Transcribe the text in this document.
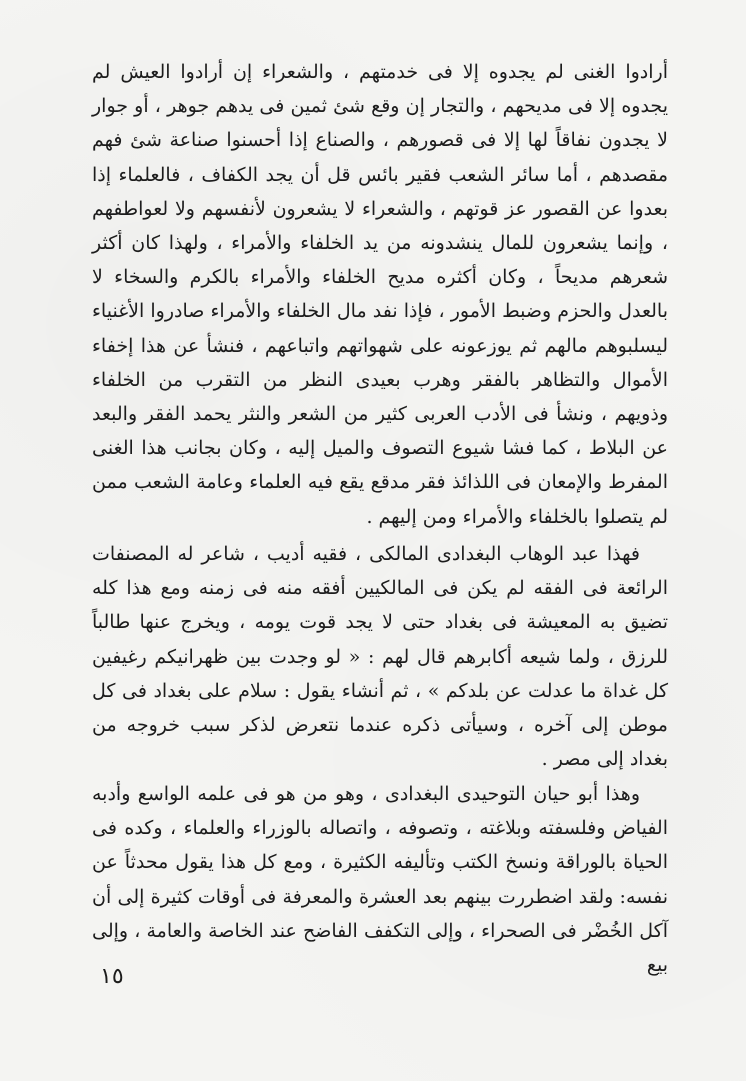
أرادوا الغنى لم يجدوه إلا فى خدمتهم ، والشعراء إن أرادوا العيش لم يجدوه إلا فى مديحهم ، والتجار إن وقع شئ ثمين فى يدهم جوهر ، أو جوار لا يجدون نفاقاً لها إلا فى قصورهم ، والصناع إذا أحسنوا صناعة شئ فهم مقصدهم ، أما سائر الشعب فقير بائس قل أن يجد الكفاف ، فالعلماء إذا بعدوا عن القصور عز قوتهم ، والشعراء لا يشعرون لأنفسهم ولا لعواطفهم ، وإنما يشعرون للمال ينشدونه من يد الخلفاء والأمراء ، ولهذا كان أكثر شعرهم مديحاً ، وكان أكثره مديح الخلفاء والأمراء بالكرم والسخاء لا بالعدل والحزم وضبط الأمور ، فإذا نفد مال الخلفاء والأمراء صادروا الأغنياء ليسلبوهم مالهم ثم يوزعونه على شهواتهم واتباعهم ، فنشأ عن هذا إخفاء الأموال والتظاهر بالفقر وهرب بعيدى النظر من التقرب من الخلفاء وذويهم ، ونشأ فى الأدب العربى كثير من الشعر والنثر يحمد الفقر والبعد عن البلاط ، كما فشا شيوع التصوف والميل إليه ، وكان بجانب هذا الغنى المفرط والإمعان فى اللذائذ فقر مدقع يقع فيه العلماء وعامة الشعب ممن لم يتصلوا بالخلفاء والأمراء ومن إليهم .

فهذا عبد الوهاب البغدادى المالكى ، فقيه أديب ، شاعر له المصنفات الرائعة فى الفقه لم يكن فى المالكيين أفقه منه فى زمنه ومع هذا كله تضيق به المعيشة فى بغداد حتى لا يجد قوت يومه ، ويخرج عنها طالباً للرزق ، ولما شيعه أكابرهم قال لهم : « لو وجدت بين ظهرانيكم رغيفين كل غداة ما عدلت عن بلدكم » ، ثم أنشاء يقول : سلام على بغداد فى كل موطن إلى آخره ، وسيأتى ذكره عندما نتعرض لذكر سبب خروجه من بغداد إلى مصر .

وهذا أبو حيان التوحيدى البغدادى ، وهو من هو فى علمه الواسع وأدبه الفياض وفلسفته وبلاغته ، وتصوفه ، واتصاله بالوزراء والعلماء ، وكده فى الحياة بالوراقة ونسخ الكتب وتأليفه الكثيرة ، ومع كل هذا يقول محدثاً عن نفسه: ولقد اضطررت بينهم بعد العشرة والمعرفة فى أوقات كثيرة إلى أن آكل الخُضْر فى الصحراء ، وإلى التكفف الفاضح عند الخاصة والعامة ، وإلى بيع

١٥
